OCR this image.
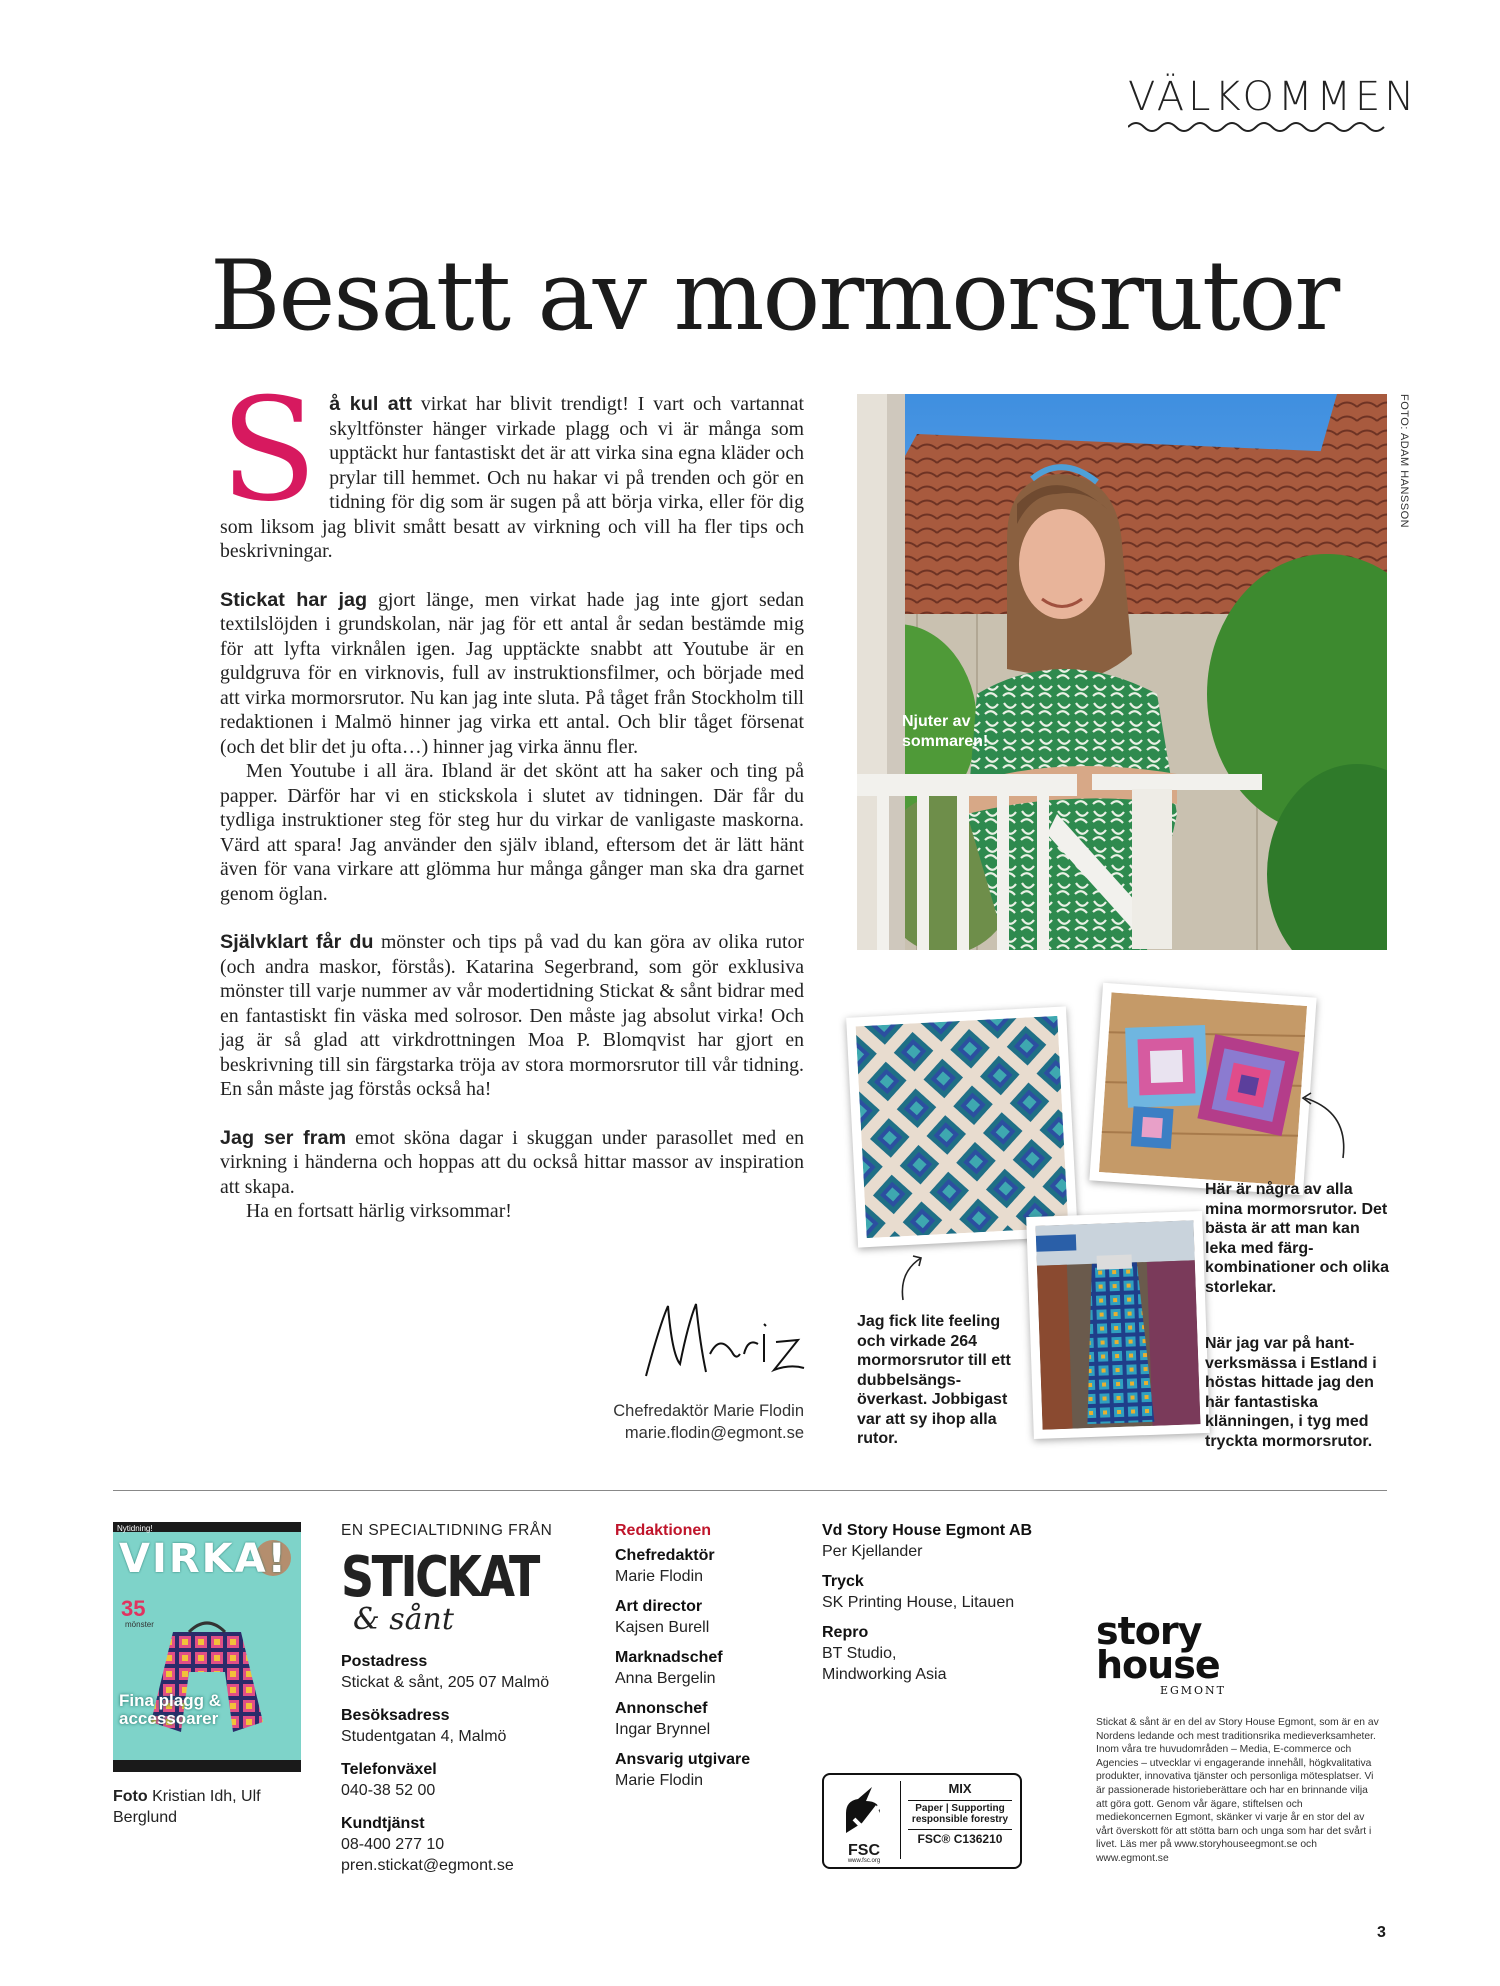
VÄLKOMMEN
Besatt av mormorsrutor

Så kul att virkat har blivit trendigt! I vart och vartannat skyltfönster hänger virkade plagg och vi är många som upptäckt hur fantastiskt det är att virka sina egna kläder och prylar till hemmet. Och nu hakar vi på trenden och gör en tidning för dig som är sugen på att börja virka, eller för dig som liksom jag blivit smått besatt av virkning och vill ha fler tips och beskrivningar.

Stickat har jag gjort länge, men virkat hade jag inte gjort sedan textilslöjden i grundskolan, när jag för ett antal år sedan bestämde mig för att lyfta virknålen igen. Jag upptäckte snabbt att Youtube är en guldgruva för en virknovis, full av instruktionsfilmer, och började med att virka mormorsrutor. Nu kan jag inte sluta. På tåget från Stockholm till redaktionen i Malmö hinner jag virka ett antal. Och blir tåget försenat (och det blir det ju ofta…) hinner jag virka ännu fler.

Men Youtube i all ära. Ibland är det skönt att ha saker och ting på papper. Därför har vi en stickskola i slutet av tidningen. Där får du tydliga instruktioner steg för steg hur du virkar de vanligaste maskorna. Värd att spara! Jag använder den själv ibland, eftersom det är lätt hänt även för vana virkare att glömma hur många gånger man ska dra garnet genom öglan.

Självklart får du mönster och tips på vad du kan göra av olika rutor (och andra maskor, förstås). Katarina Segerbrand, som gör exklusiva mönster till varje nummer av vår modertidning Stickat & sånt bidrar med en fantastiskt fin väska med solrosor. Den måste jag absolut virka! Och jag är så glad att virkdrottningen Moa P. Blomqvist har gjort en beskrivning till sin färgstarka tröja av stora mormorsrutor till vår tidning. En sån måste jag förstås också ha!

Jag ser fram emot sköna dagar i skuggan under parasollet med en virkning i händerna och hoppas att du också hittar massor av inspiration att skapa.

Ha en fortsatt härlig virksommar!

Njuter av sommaren!
FOTO: ADAM HANSSON
Här är några av alla mina mormorsrutor. Det bästa är att man kan leka med färgkombinationer och olika storlekar.
Jag fick lite feeling och virkade 264 mormorsrutor till ett dubbelsängsöverkast. Jobbigast var att sy ihop alla rutor.
När jag var på hantverksmässa i Estland i höstas hittade jag den här fantastiska klänningen, i tyg med tryckta mormorsrutor.
Chefredaktör Marie Flodin
marie.flodin@egmont.se
Nytidning!
VIRKA!
35
mönster
Fina plagg & accessoarer
Foto Kristian Idh, Ulf Berglund
EN SPECIALTIDNING FRÅN
STICKAT
& sånt
Postadress
Stickat & sånt, 205 07 Malmö
Besöksadress
Studentgatan 4, Malmö
Telefonväxel
040-38 52 00
Kundtjänst
08-400 277 10
pren.stickat@egmont.se
Redaktionen
Chefredaktör
Marie Flodin
Art director
Kajsen Burell
Marknadschef
Anna Bergelin
Annonschef
Ingar Brynnel
Ansvarig utgivare
Marie Flodin
Vd Story House Egmont AB
Per Kjellander
Tryck
SK Printing House, Litauen
Repro
BT Studio,
Mindworking Asia
FSC
www.fsc.org
MIX
Paper | Supporting
responsible forestry
FSC® C136210
story
house
EGMONT
Stickat & sånt är en del av Story House Egmont, som är en av Nordens ledande och mest traditionsrika medieverksamheter. Inom våra tre huvudområden – Media, E-commerce och Agencies – utvecklar vi engagerande innehåll, högkvalitativa produkter, innovativa tjänster och personliga mötesplatser. Vi är passionerade historieberättare och har en brinnande vilja att göra gott. Genom vår ägare, stiftelsen och mediekoncernen Egmont, skänker vi varje år en stor del av vårt överskott för att stötta barn och unga som har det svårt i livet. Läs mer på www.storyhouseegmont.se och www.egmont.se
3
